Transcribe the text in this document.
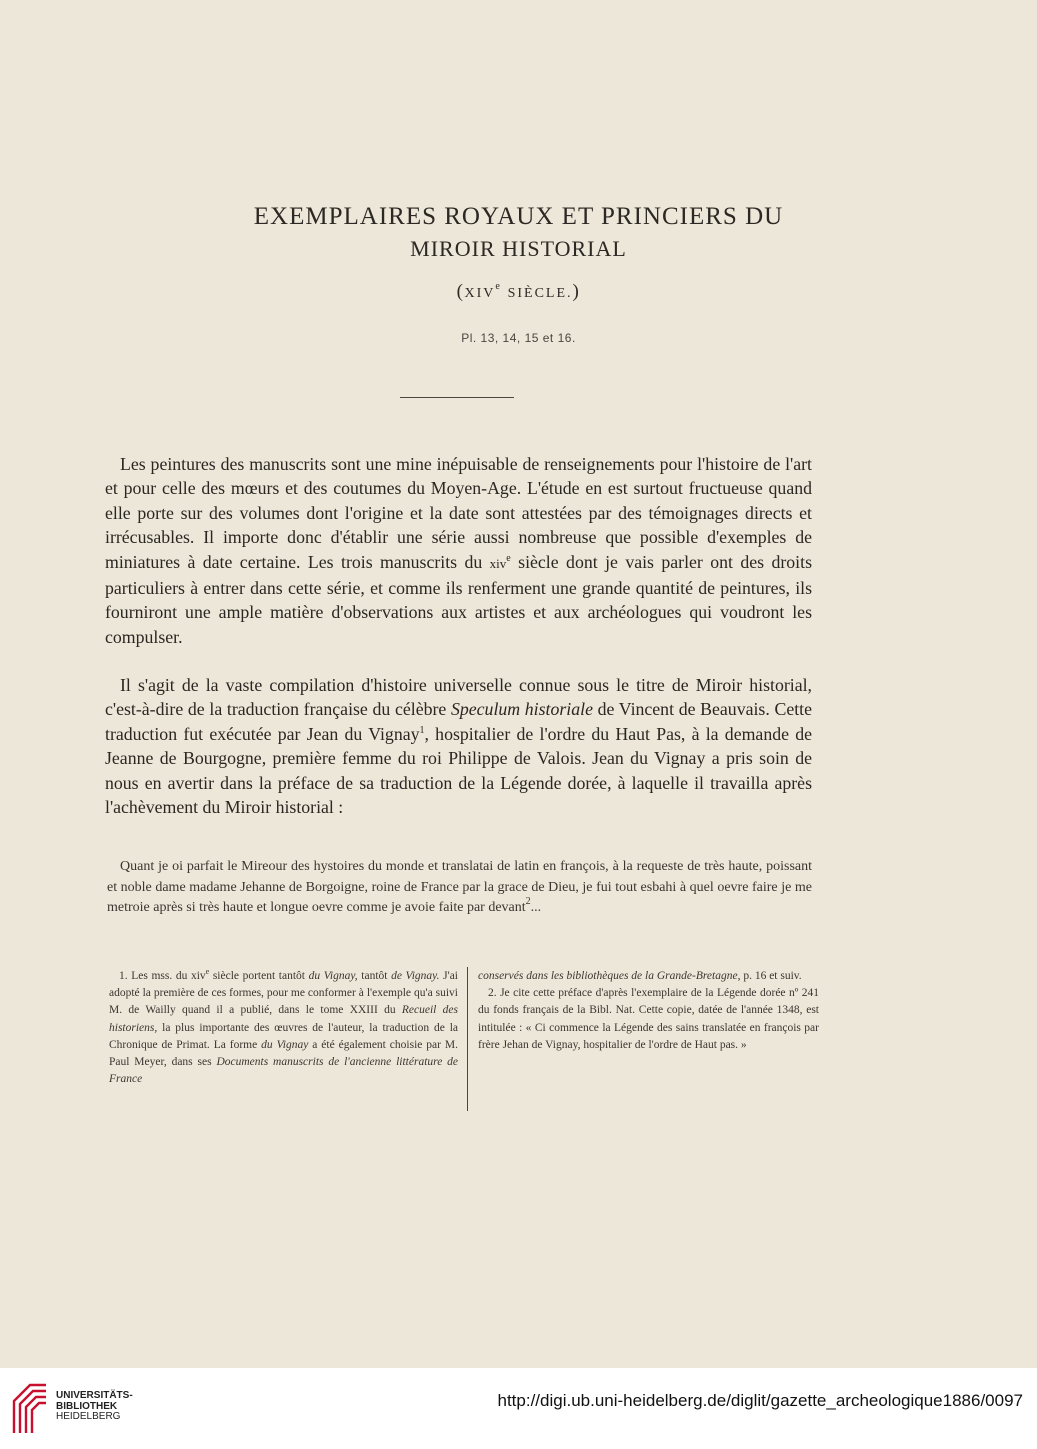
EXEMPLAIRES ROYAUX ET PRINCIERS DU
MIROIR HISTORIAL
(XIVe SIÈCLE.)
Pl. 13, 14, 15 et 16.

Les peintures des manuscrits sont une mine inépuisable de renseignements pour l'histoire de l'art et pour celle des mœurs et des coutumes du Moyen-Age. L'étude en est surtout fructueuse quand elle porte sur des volumes dont l'origine et la date sont attestées par des témoignages directs et irrécusables. Il importe donc d'établir une série aussi nombreuse que possible d'exemples de miniatures à date certaine. Les trois manuscrits du xiv$^e$ siècle dont je vais parler ont des droits particuliers à entrer dans cette série, et comme ils renferment une grande quantité de peintures, ils fourniront une ample matière d'observations aux artistes et aux archéologues qui voudront les compulser.

Il s'agit de la vaste compilation d'histoire universelle connue sous le titre de Miroir historial, c'est-à-dire de la traduction française du célèbre Speculum historiale de Vincent de Beauvais. Cette traduction fut exécutée par Jean du Vignay$^1$, hospitalier de l'ordre du Haut Pas, à la demande de Jeanne de Bourgogne, première femme du roi Philippe de Valois. Jean du Vignay a pris soin de nous en avertir dans la préface de sa traduction de la Légende dorée, à laquelle il travailla après l'achèvement du Miroir historial :

Quant je oi parfait le Mireour des hystoires du monde et translatai de latin en françois, à la requeste de très haute, poissant et noble dame madame Jehanne de Borgoigne, roine de France par la grace de Dieu, je fui tout esbahi à quel oevre faire je me metroie après si très haute et longue oevre comme je avoie faite par devant$^2$...

1. Les mss. du xiv$^e$ siècle portent tantôt du Vignay, tantôt de Vignay. J'ai adopté la première de ces formes, pour me conformer à l'exemple qu'a suivi M. de Wailly quand il a publié, dans le tome XXIII du Recueil des historiens, la plus importante des œuvres de l'auteur, la traduction de la Chronique de Primat. La forme du Vignay a été également choisie par M. Paul Meyer, dans ses Documents manuscrits de l'ancienne littérature de France

conservés dans les bibliothèques de la Grande-Bretagne, p. 16 et suiv.

2. Je cite cette préface d'après l'exemplaire de la Légende dorée nº 241 du fonds français de la Bibl. Nat. Cette copie, datée de l'année 1348, est intitulée : « Ci commence la Légende des sains translatée en françois par frère Jehan de Vignay, hospitalier de l'ordre de Haut pas. »

UNIVERSITÄTS-
BIBLIOTHEK
HEIDELBERG
http://digi.ub.uni-heidelberg.de/diglit/gazette_archeologique1886/0097
